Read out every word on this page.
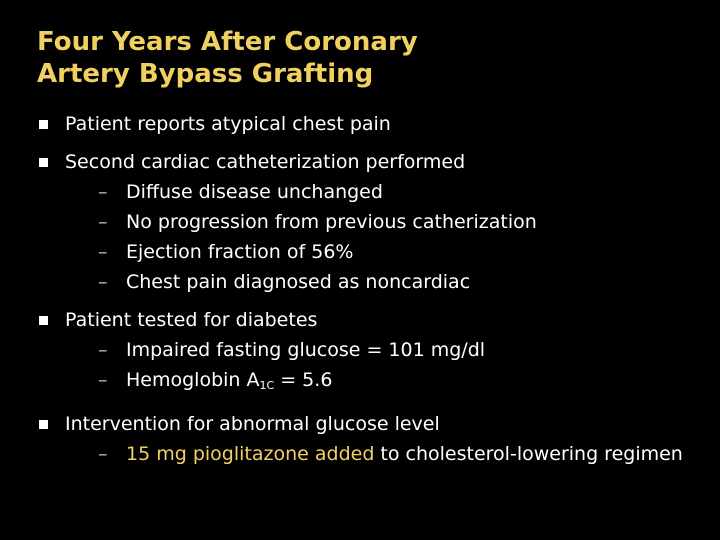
Four Years After Coronary
Artery Bypass Grafting
Patient reports atypical chest pain
Second cardiac catheterization performed
– Diffuse disease unchanged
– No progression from previous catherization
– Ejection fraction of 56%
– Chest pain diagnosed as noncardiac
Patient tested for diabetes
– Impaired fasting glucose = 101 mg/dl
– Hemoglobin $A_{1C} = 5.6$
Intervention for abnormal glucose level
– 15 mg pioglitazone added to cholesterol-lowering regimen
